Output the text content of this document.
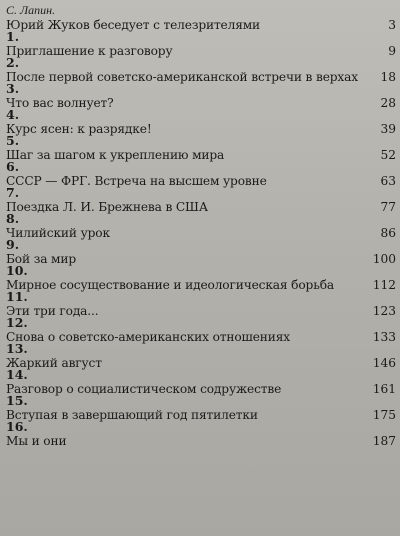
С. Лапин.
Юрий Жуков беседует с телезрителями	3
1.
Приглашение к разговору	9
2.
После первой советско-американской встречи в верхах 18
3.
Что вас волнует?	28
4.
Курс ясен: к разрядке!	39
5.
Шаг за шагом к укреплению мира	52
6.
СССР — ФРГ. Встреча на высшем уровне	63
7.
Поездка Л. И. Брежнева в США	77
8.
Чилийский урок	86
9.
Бой за мир	100
10.
Мирное сосуществование и идеологическая борьба	112
11.
Эти три года...	123
12.
Снова о советско-американских отношениях	133
13.
Жаркий август	146
14.
Разговор о социалистическом содружестве	161
15.
Вступая в завершающий год пятилетки	175
16.
Мы и они	187
